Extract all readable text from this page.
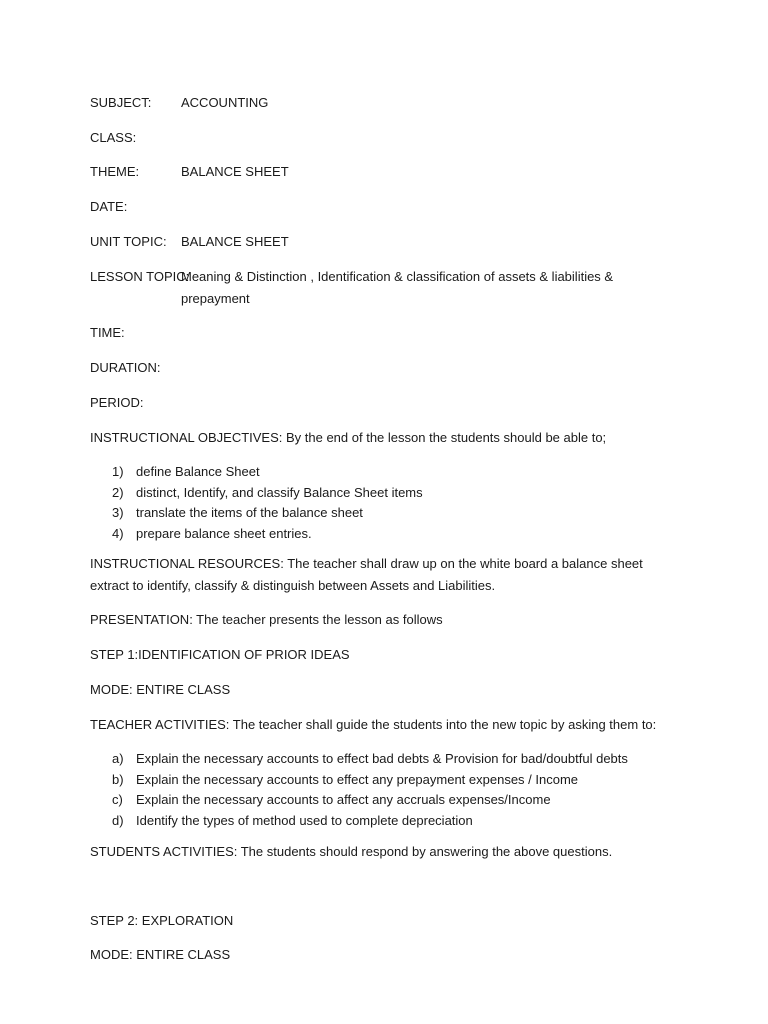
SUBJECT: ACCOUNTING
CLASS:
THEME:	BALANCE SHEET
DATE:
UNIT TOPIC: BALANCE SHEET
LESSON TOPIC:
Meaning & Distinction , Identification & classification of assets & liabilities &
prepayment
TIME:
DURATION:
PERIOD:
INSTRUCTIONAL OBJECTIVES: By the end of the lesson the students should be able to;
1) define Balance Sheet
2) distinct, Identify, and classify Balance Sheet items
3) translate the items of the balance sheet
4) prepare balance sheet entries.
INSTRUCTIONAL RESOURCES: The teacher shall draw up on the white board a balance sheet
extract to identify, classify & distinguish between Assets and Liabilities.
PRESENTATION: The teacher presents the lesson as follows
STEP 1:IDENTIFICATION OF PRIOR IDEAS
MODE: ENTIRE CLASS
TEACHER ACTIVITIES: The teacher shall guide the students into the new topic by asking them to:
a) Explain the necessary accounts to effect bad debts & Provision for bad/doubtful debts
b) Explain the necessary accounts to effect any prepayment expenses / Income
c) Explain the necessary accounts to affect any accruals expenses/Income
d) Identify the types of method used to complete depreciation
STUDENTS ACTIVITIES: The students should respond by answering the above questions.
STEP 2: EXPLORATION
MODE: ENTIRE CLASS
